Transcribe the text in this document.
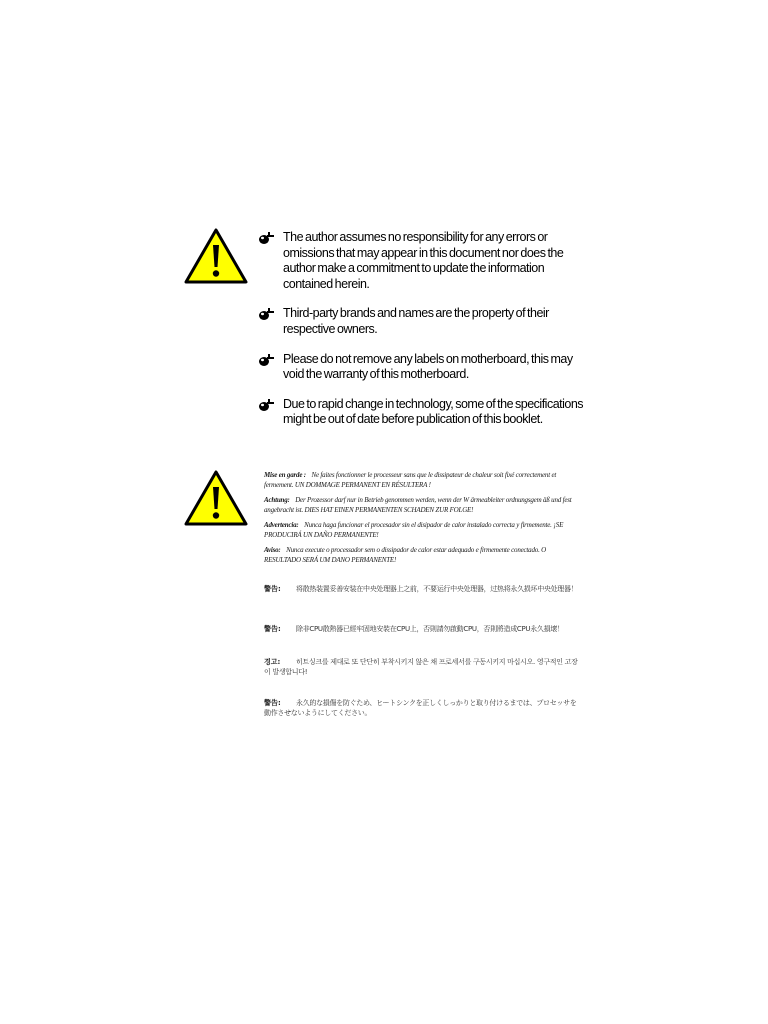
The author assumes no responsibility for any errors or omissions that may appear in this document nor does the author make a commitment to update the information contained herein.
Third-party brands and names are the property of their respective owners.
Please do not remove any labels on motherboard, this may void the warranty of this motherboard.
Due to rapid change in technology, some of the specifications might be out of date before publication of this booklet.
Mise en garde : Ne faites fonctionner le processeur sans que le dissipateur de chaleur soit fixé correctement et fermement. UN DOMMAGE PERMANENT EN RÉSULTERA !
Achtung: Der Prozessor darf nur in Betrieb genommen werden, wenn der W ärmeableiter ordnungsgem äß und fest angebracht ist. DIES HAT EINEN PERMANENTEN SCHADEN ZUR FOLGE!
Advertencia: Nunca haga funcionar el procesador sin el disipador de calor instalado correcta y firmemente. ¡SE PRODUCIRÁ UN DAÑO PERMANENTE!
Aviso: Nunca execute o processador sem o dissipador de calor estar adequado e firmemente conectado. O RESULTADO SERÁ UM DANO PERMANENTE!
警告: 将散热装置妥善安装在中央处理器上之前，不要运行中央处理器，过热将永久损坏中央处理器！
警告: 除非CPU散熱器已經牢固地安裝在CPU上，否則請勿啟動CPU，否則將造成CPU永久損壞！
경고: 히트싱크를 제대로 또 단단히 부착시키지 않은 채 프로세서를 구동시키지 마십시오. 영구적인 고장이 발생합니다!
警告: 永久的な損傷を防ぐため、ヒートシンクを正しくしっかりと取り付けるまでは、プロセッサを動作させないようにしてください。
